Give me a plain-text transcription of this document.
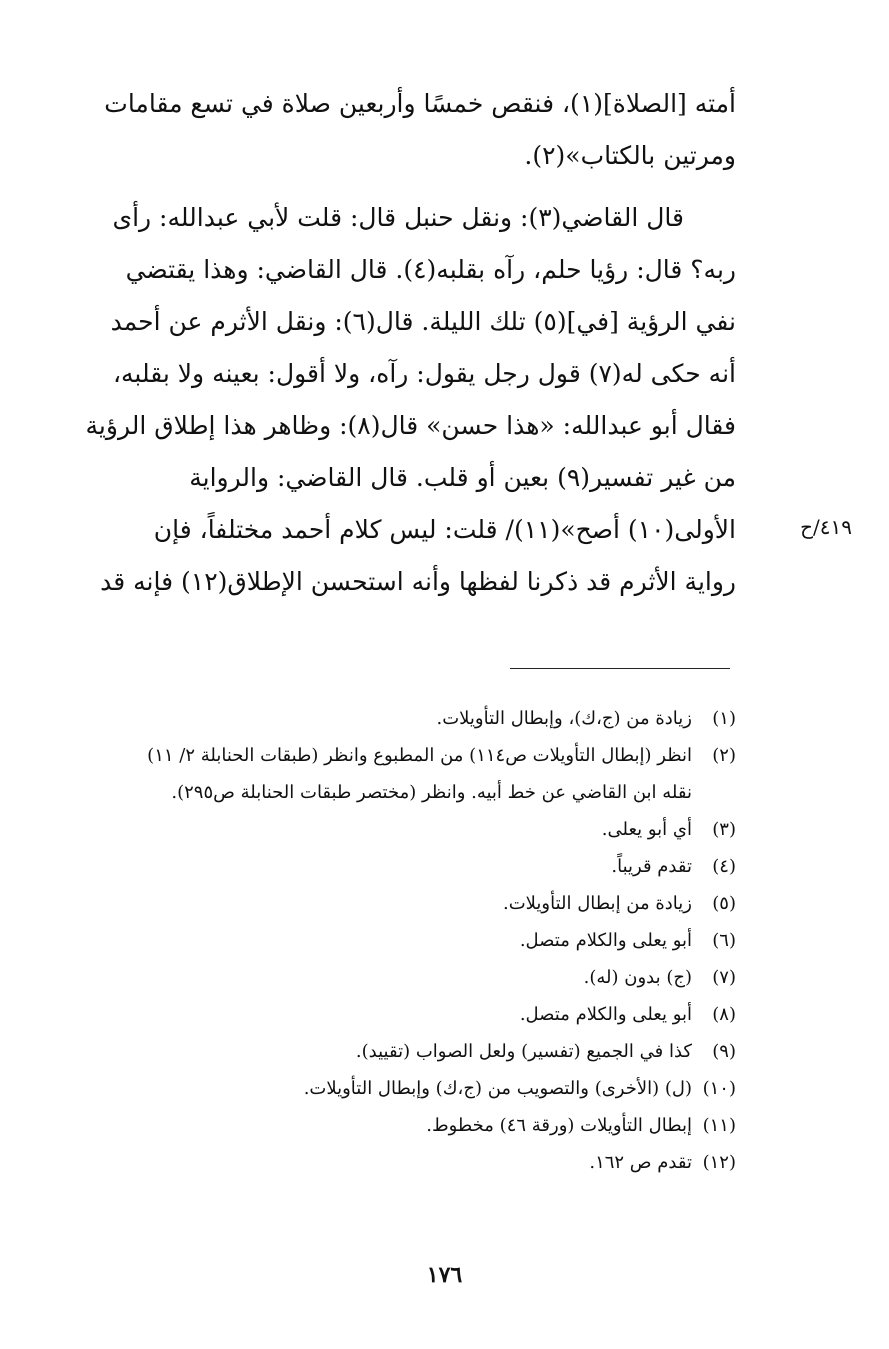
أمته [الصلاة](١)، فنقص خمسًا وأربعين صلاة في تسع مقامات
ومرتين بالكتاب»(٢).
قال القاضي(٣): ونقل حنبل قال: قلت لأبي عبدالله: رأى
ربه؟ قال: رؤيا حلم، رآه بقلبه(٤). قال القاضي: وهذا يقتضي
نفي الرؤية [في](٥) تلك الليلة. قال(٦): ونقل الأثرم عن أحمد
أنه حكى له(٧) قول رجل يقول: رآه، ولا أقول: بعينه ولا بقلبه،
فقال أبو عبدالله: «هذا حسن» قال(٨): وظاهر هذا إطلاق الرؤية
من غير تفسير(٩) بعين أو قلب. قال القاضي: والرواية
الأولى(١٠) أصح»(١١)/ قلت: ليس كلام أحمد مختلفاً، فإن
رواية الأثرم قد ذكرنا لفظها وأنه استحسن الإطلاق(١٢) فإنه قد
٤١٩/ح
(١)
زيادة من (ج،ك)، وإبطال التأويلات.
(٢)
انظر (إبطال التأويلات ص١١٤) من المطبوع وانظر (طبقات الحنابلة ٢/ ١١)
نقله ابن القاضي عن خط أبيه. وانظر (مختصر طبقات الحنابلة ص٢٩٥).
(٣)
أي أبو يعلى.
(٤)
تقدم قريباً.
(٥)
زيادة من إبطال التأويلات.
(٦)
أبو يعلى والكلام متصل.
(٧)
(ج) بدون (له).
(٨)
أبو يعلى والكلام متصل.
(٩)
كذا في الجميع (تفسير) ولعل الصواب (تقييد).
(١٠)
(ل) (الأخرى) والتصويب من (ج،ك) وإبطال التأويلات.
(١١)
إبطال التأويلات (ورقة ٤٦) مخطوط.
(١٢)
تقدم ص ١٦٢.
١٧٦
